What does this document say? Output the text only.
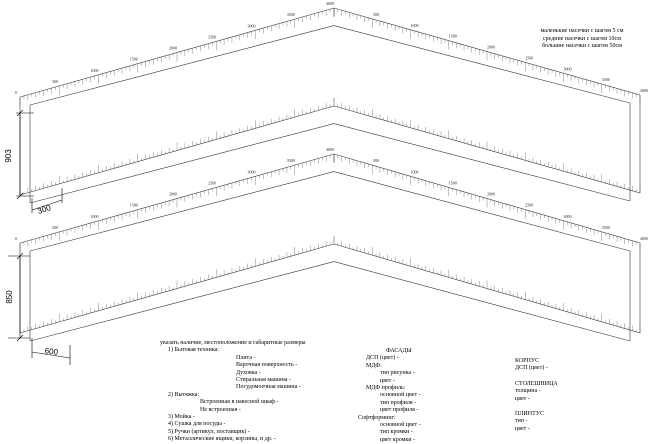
4000
3500
3000
2500
2000
1500
1000
500
0
500
1000
1500
2000
2500
3000
3500
4000
4000
3500
3000
2500
2000
1500
1000
500
0
500
1000
1500
2000
2500
3000
3500
4000
903
300
850
600
маленькие насечки с шагом 5 см
средние насечки с шагом 10см
большие насечки с шагом 50см
указать наличие, местоположение и габаритные размеры
1) Бытовая техника:
Плита -
Варочная поверхность -
Духовка -
Стиральная машина -
Посудомоечная машина -
2) Вытяжка:
Встроенная в навесной шкаф -
Не встроенная -
3) Мойка -
4) Сушка для посуды -
5) Ручки (артикул, поставщик) -
6) Металлические ящики, корзины, и др. -
ФАСАДЫ
ДСП (цвет) -
МДФ:
тип рисунка -
цвет -
МДФ профиль:
основной цвет -
тип профиля -
цвет профиля -
Софтформинг:
основной цвет -
тип кромки -
цвет кромки -
КОРПУС
ДСП (цвет) -
СТОЛЕШНИЦА
толщина -
цвет -
ПЛИНТУС
тип -
цвет -
